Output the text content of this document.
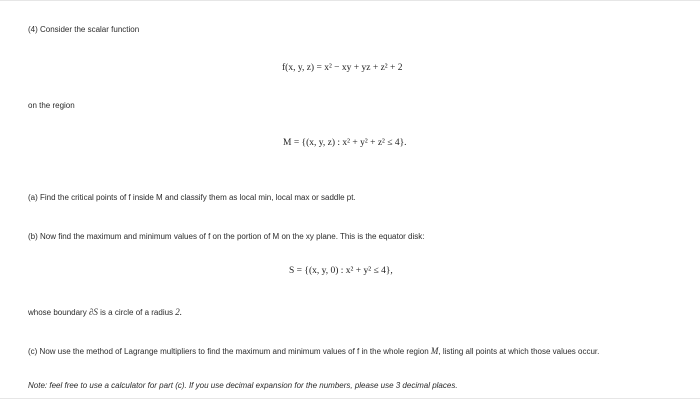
(4) Consider the scalar function
f(x, y, z) = x² − xy + yz + z² + 2
on the region
M = {(x, y, z) : x² + y² + z² ≤ 4}.
(a) Find the critical points of f inside M and classify them as local min, local max or saddle pt.
(b) Now find the maximum and minimum values of f on the portion of M on the xy plane. This is the equator disk:
S = {(x, y, 0) : x² + y² ≤ 4},
whose boundary ∂S is a circle of a radius 2.
(c) Now use the method of Lagrange multipliers to find the maximum and minimum values of f in the whole region M, listing all points at which those values occur.
Note: feel free to use a calculator for part (c). If you use decimal expansion for the numbers, please use 3 decimal places.
